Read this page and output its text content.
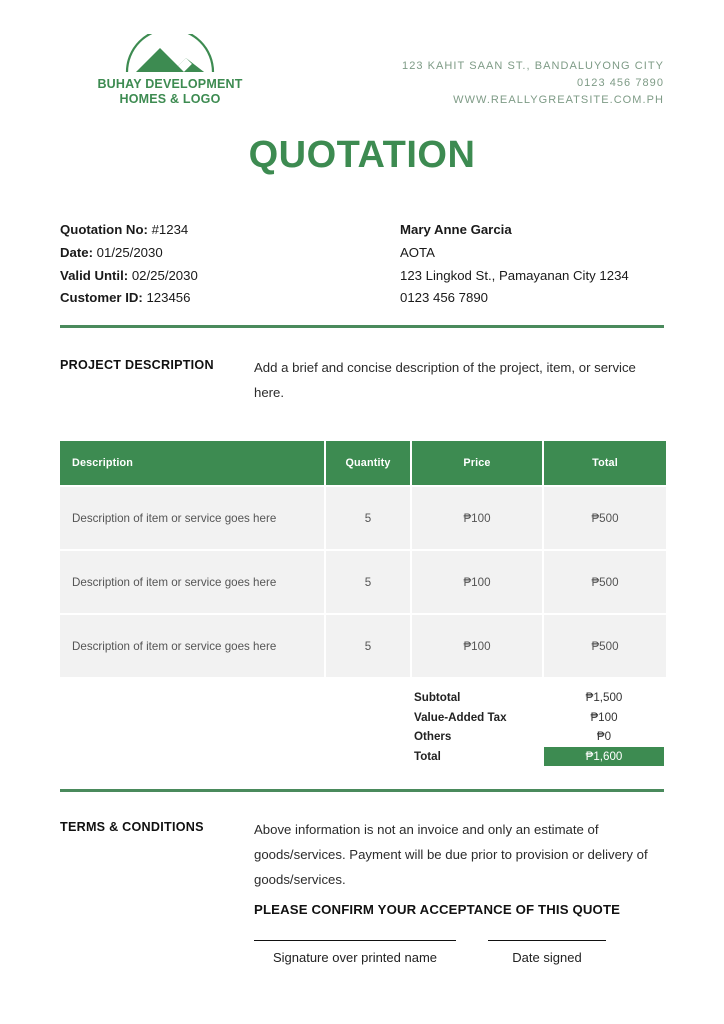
BUHAY DEVELOPMENT
HOMES & LOGO
123 KAHIT SAAN ST., BANDALUYONG CITY
0123 456 7890
WWW.REALLYGREATSITE.COM.PH
QUOTATION
Quotation No: #1234
Date: 01/25/2030
Valid Until: 02/25/2030
Customer ID: 123456
Mary Anne Garcia
AOTA
123 Lingkod St., Pamayanan City 1234
0123 456 7890
PROJECT DESCRIPTION	Add a brief and concise description of the project, item, or service here.
Description	Quantity	Price	Total
Description of item or service goes here	5	₱100	₱500
Description of item or service goes here	5	₱100	₱500
Description of item or service goes here	5	₱100	₱500
Subtotal	₱1,500
Value-Added Tax	₱100
Others	₱0
Total	₱1,600
TERMS & CONDITIONS	Above information is not an invoice and only an estimate of goods/services. Payment will be due prior to provision or delivery of goods/services.
PLEASE CONFIRM YOUR ACCEPTANCE OF THIS QUOTE
Signature over printed name	Date signed
